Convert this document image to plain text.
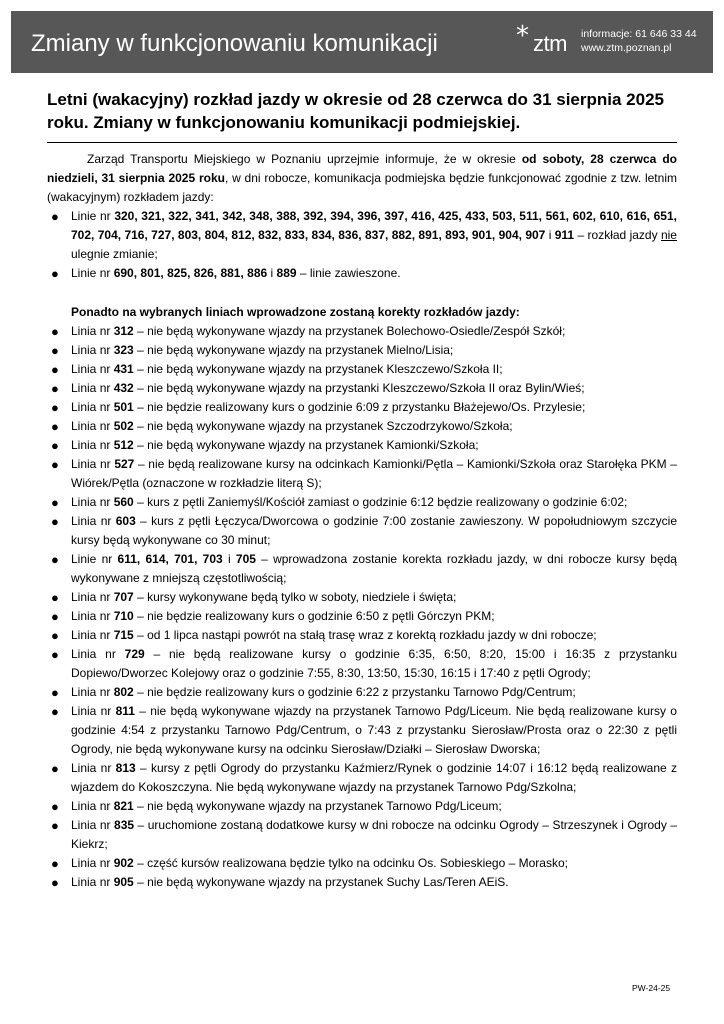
Zmiany w funkcjonowaniu komunikacji	* ztm informacje: 61 646 33 44
www.ztm.poznan.pl
Letni (wakacyjny) rozkład jazdy w okresie od 28 czerwca do 31 sierpnia 2025 roku. Zmiany w funkcjonowaniu komunikacji podmiejskiej.

Zarząd Transportu Miejskiego w Poznaniu uprzejmie informuje, że w okresie od soboty, 28 czerwca do niedzieli, 31 sierpnia 2025 roku, w dni robocze, komunikacja podmiejska będzie funkcjonować zgodnie z tzw. letnim (wakacyjnym) rozkładem jazdy:

● Linie nr 320, 321, 322, 341, 342, 348, 388, 392, 394, 396, 397, 416, 425, 433, 503, 511, 561, 602, 610, 616, 651, 702, 704, 716, 727, 803, 804, 812, 832, 833, 834, 836, 837, 882, 891, 893, 901, 904, 907 i 911 – rozkład jazdy nie ulegnie zmianie;
● Linie nr 690, 801, 825, 826, 881, 886 i 889 – linie zawieszone.

Ponadto na wybranych liniach wprowadzone zostaną korekty rozkładów jazdy:

● Linia nr 312 – nie będą wykonywane wjazdy na przystanek Bolechowo-Osiedle/Zespół Szkół;
● Linia nr 323 – nie będą wykonywane wjazdy na przystanek Mielno/Lisia;
● Linia nr 431 – nie będą wykonywane wjazdy na przystanek Kleszczewo/Szkoła II;
● Linia nr 432 – nie będą wykonywane wjazdy na przystanki Kleszczewo/Szkoła II oraz Bylin/Wieś;
● Linia nr 501 – nie będzie realizowany kurs o godzinie 6:09 z przystanku Błażejewo/Os. Przylesie;
● Linia nr 502 – nie będą wykonywane wjazdy na przystanek Szczodrzykowo/Szkoła;
● Linia nr 512 – nie będą wykonywane wjazdy na przystanek Kamionki/Szkoła;
● Linia nr 527 – nie będą realizowane kursy na odcinkach Kamionki/Pętla – Kamionki/Szkoła oraz Starołęka PKM – Wiórek/Pętla (oznaczone w rozkładzie literą S);
● Linia nr 560 – kurs z pętli Zaniemyśl/Kościół zamiast o godzinie 6:12 będzie realizowany o godzinie 6:02;
● Linia nr 603 – kurs z pętli Łęczyca/Dworcowa o godzinie 7:00 zostanie zawieszony. W popołudniowym szczycie kursy będą wykonywane co 30 minut;
● Linie nr 611, 614, 701, 703 i 705 – wprowadzona zostanie korekta rozkładu jazdy, w dni robocze kursy będą wykonywane z mniejszą częstotliwością;
● Linia nr 707 – kursy wykonywane będą tylko w soboty, niedziele i święta;
● Linia nr 710 – nie będzie realizowany kurs o godzinie 6:50 z pętli Górczyn PKM;
● Linia nr 715 – od 1 lipca nastąpi powrót na stałą trasę wraz z korektą rozkładu jazdy w dni robocze;
● Linia nr 729 – nie będą realizowane kursy o godzinie 6:35, 6:50, 8:20, 15:00 i 16:35 z przystanku Dopiewo/Dworzec Kolejowy oraz o godzinie 7:55, 8:30, 13:50, 15:30, 16:15 i 17:40 z pętli Ogrody;
● Linia nr 802 – nie będzie realizowany kurs o godzinie 6:22 z przystanku Tarnowo Pdg/Centrum;
● Linia nr 811 – nie będą wykonywane wjazdy na przystanek Tarnowo Pdg/Liceum. Nie będą realizowane kursy o godzinie 4:54 z przystanku Tarnowo Pdg/Centrum, o 7:43 z przystanku Sierosław/Prosta oraz o 22:30 z pętli Ogrody, nie będą wykonywane kursy na odcinku Sierosław/Działki – Sierosław Dworska;
● Linia nr 813 – kursy z pętli Ogrody do przystanku Kaźmierz/Rynek o godzinie 14:07 i 16:12 będą realizowane z wjazdem do Kokoszczyna. Nie będą wykonywane wjazdy na przystanek Tarnowo Pdg/Szkolna;
● Linia nr 821 – nie będą wykonywane wjazdy na przystanek Tarnowo Pdg/Liceum;
● Linia nr 835 – uruchomione zostaną dodatkowe kursy w dni robocze na odcinku Ogrody – Strzeszynek i Ogrody – Kiekrz;
● Linia nr 902 – część kursów realizowana będzie tylko na odcinku Os. Sobieskiego – Morasko;
● Linia nr 905 – nie będą wykonywane wjazdy na przystanek Suchy Las/Teren AEiS.
PW-24-25
